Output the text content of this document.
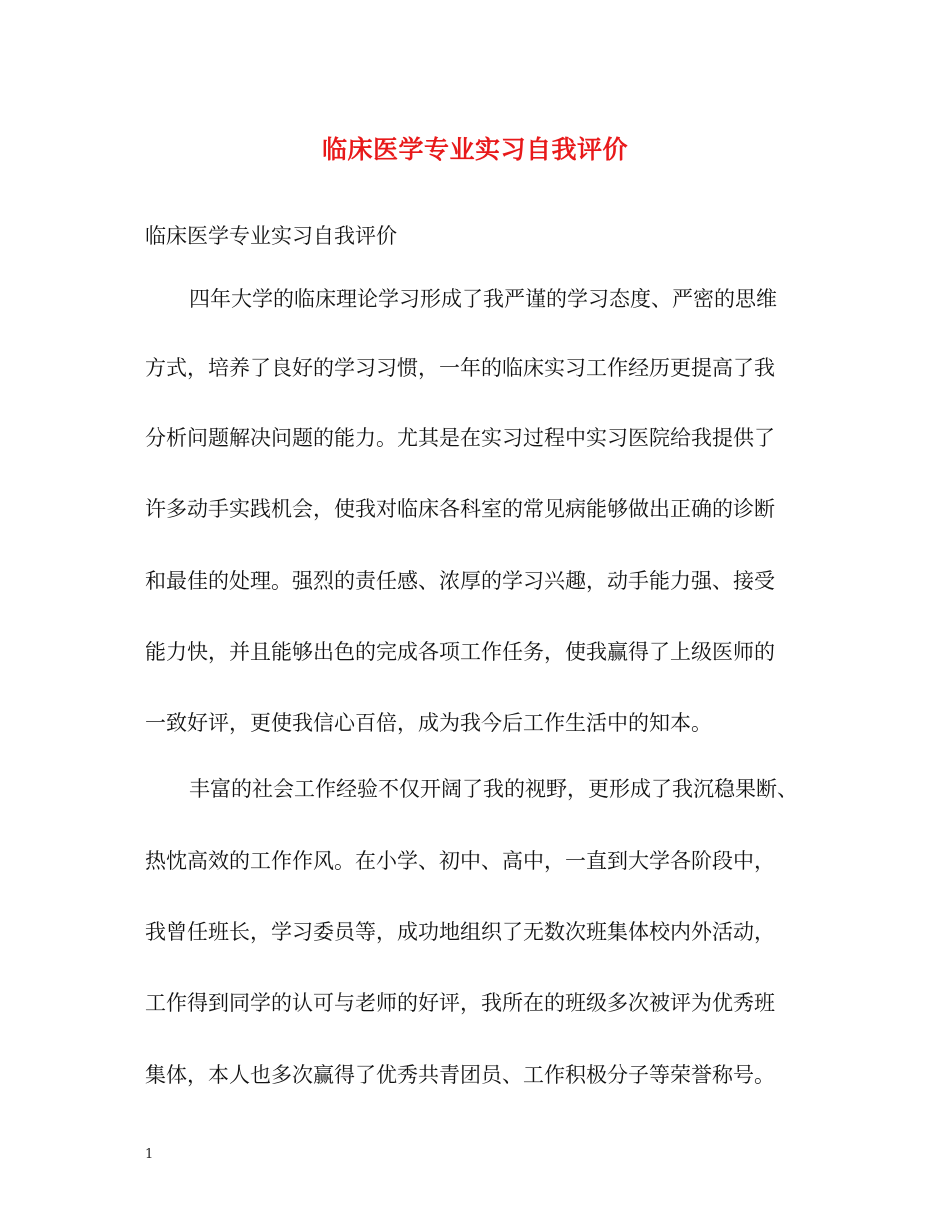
临床医学专业实习自我评价

临床医学专业实习自我评价

四年大学的临床理论学习形成了我严谨的学习态度、严密的思维

方式，培养了良好的学习习惯，一年的临床实习工作经历更提高了我

分析问题解决问题的能力。尤其是在实习过程中实习医院给我提供了

许多动手实践机会，使我对临床各科室的常见病能够做出正确的诊断

和最佳的处理。强烈的责任感、浓厚的学习兴趣，动手能力强、接受

能力快，并且能够出色的完成各项工作任务，使我赢得了上级医师的

一致好评，更使我信心百倍，成为我今后工作生活中的知本。

丰富的社会工作经验不仅开阔了我的视野，更形成了我沉稳果断、

热忱高效的工作作风。在小学、初中、高中，一直到大学各阶段中，

我曾任班长，学习委员等，成功地组织了无数次班集体校内外活动，

工作得到同学的认可与老师的好评，我所在的班级多次被评为优秀班

集体，本人也多次赢得了优秀共青团员、工作积极分子等荣誉称号。

1
